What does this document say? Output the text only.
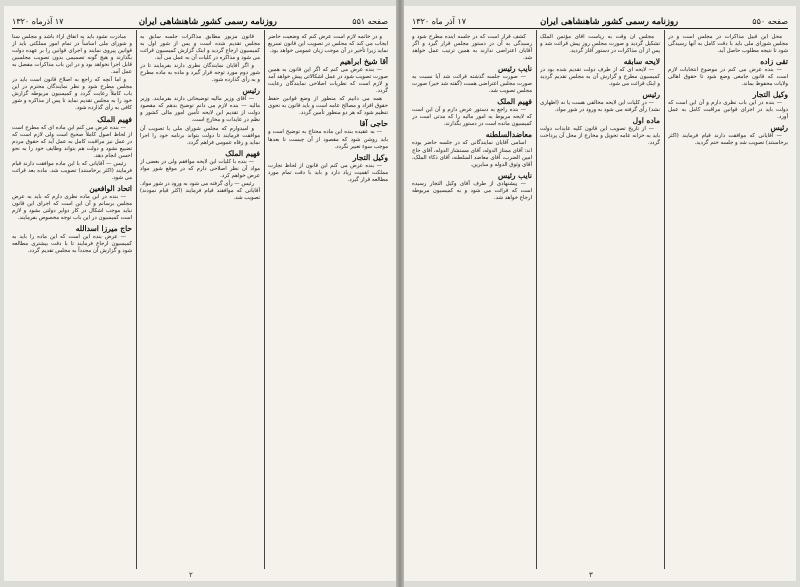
صفحه ۵۵۱
روزنامه رسمی کشور شاهنشاهی ایران
۱۷ آذرماه ۱۳۲۰

مبادرت نشود باید به اتفاق آراء باشد و مجلس سنا و شورای ملی اساساً در تمام امور مملکتی باید از قوانین پیروی نمایند و اجرای قوانین را بر عهده دولت بگذارند و هیچ گونه تصمیمی بدون تصویب مجلسین قابل اجرا نخواهد بود و در این باب مذاکرات مفصل به عمل آمد.

و اما آنچه که راجع به اصلاح قانون است باید در مجلس مطرح شود و نظر نمایندگان محترم در این باب کاملاً رعایت گردد و کمیسیون مربوطه گزارش خود را به مجلس تقدیم نماید تا پس از مذاکره و شور کافی به رأی گذارده شود.

فهیم الملک

— بنده عرض می کنم این ماده ای که مطرح است از لحاظ اصول کاملاً صحیح است ولی لازم است که در عمل نیز مراقبت کامل به عمل آید که حقوق مردم تضییع نشود و دولت هم بتواند وظایف خود را به نحو احسن انجام دهد.

رئیس — آقایانی که با این ماده موافقت دارند قیام فرمایند (اکثر برخاستند) تصویب شد. ماده بعد قرائت می شود.

اتحاد الوافعین

— بنده در این ماده نظری دارم که باید به عرض مجلس برسانم و آن این است که اجرای این قانون نباید موجب اشکال در کار دوایر دولتی بشود و لازم است کمیسیون در این باب توجه مخصوص بفرمایند.

حاج میرزا اسدالله

— عرض بنده این است که این ماده را باید به کمیسیون ارجاع فرمایند تا با دقت بیشتری مطالعه شود و گزارش آن مجدداً به مجلس تقدیم گردد.

قانون مزبور مطابق مذاکرات جلسه سابق به مجلس تقدیم شده است و پس از شور اول به کمیسیون ارجاع گردید و اینک گزارش کمیسیون قرائت می شود و مذاکره در کلیات آن به عمل می آید.

و اگر آقایان نمایندگان نظری دارند بفرمایند تا در شور دوم مورد توجه قرار گیرد و ماده به ماده مطرح و به رأی گذارده شود.

رئیس

— آقای وزیر مالیه توضیحاتی دارند بفرمایند. وزیر مالیه — بنده لازم می دانم توضیح بدهم که مقصود دولت از تقدیم این لایحه تأمین امور مالی کشور و نظم در عایدات و مخارج است.

و امیدوارم که مجلس شورای ملی با تصویب آن موافقت فرمایند تا دولت بتواند برنامه خود را اجرا نماید و رفاه عمومی فراهم گردد.

فهیم الملک

— بنده با کلیات این لایحه موافقم ولی در بعضی از مواد آن نظر اصلاحی دارم که در موقع شور مواد عرض خواهم کرد.

رئیس — رأی گرفته می شود به ورود در شور مواد. آقایانی که موافقند قیام فرمایند (اکثر قیام نمودند) تصویب شد.

و در خاتمه لازم است عرض کنم که وضعیت حاضر ایجاب می کند که مجلس در تصویب این قانون تسریع نماید زیرا تأخیر در آن موجب زیان عمومی خواهد بود.

آقا شیخ ابراهیم

— بنده عرض می کنم که اگر این قانون به همین صورت تصویب شود در عمل اشکالاتی پیش خواهد آمد و لازم است که نظریات اصلاحی نمایندگان رعایت گردد.

همه می دانیم که منظور از وضع قوانین حفظ حقوق افراد و مصالح عامه است و باید قانون به نحوی تنظیم شود که هر دو منظور تأمین گردد.

حاجی آقا

— به عقیده بنده این ماده محتاج به توضیح است و باید روشن شود که مقصود از آن چیست تا بعدها موجب سوء تعبیر نگردد.

وکیل التجار

— بنده عرض می کنم این قانون از لحاظ تجارت مملکت اهمیت زیاد دارد و باید با دقت تمام مورد مطالعه قرار گیرد.

۲
صفحه ۵۵۰
روزنامه رسمی کشور شاهنشاهی ایران
۱۷ آذر ماه ۱۳۲۰

کشف قرار است که در جلسه آینده مطرح شود و رسیدگی به آن در دستور مجلس قرار گیرد و اگر آقایان اعتراضی ندارند به همین ترتیب عمل خواهد شد.

نایب رئیس

— صورت جلسه گذشته قرائت شد آیا نسبت به صورت مجلس اعتراضی هست (گفته شد خیر) صورت مجلس تصویب شد.

فهیم الملک

— بنده راجع به دستور عرض دارم و آن این است که لایحه مربوط به امور مالیه را که مدتی است در کمیسیون مانده است در دستور بگذارند.

معاضدالسلطنه

اسامی آقایان نمایندگانی که در جلسه حاضر بوده اند: آقای ممتاز الدوله، آقای مستشار الدوله، آقای حاج امین الضرب، آقای معاضد السلطنه، آقای ذکاء الملک، آقای وثوق الدوله و سایرین.

نایب رئیس

— پیشنهادی از طرف آقای وکیل التجار رسیده است که قرائت می شود و به کمیسیون مربوطه ارجاع خواهد شد.

مجلس آن وقت به ریاست آقای مؤتمن الملک تشکیل گردید و صورت مجلس روز پیش قرائت شد و پس از آن مذاکرات در دستور آغاز گردید.

لایحه سابقه

— لایحه ای که از طرف دولت تقدیم شده بود در کمیسیون مطرح و گزارش آن به مجلس تقدیم گردید و اینک قرائت می شود.

رئیس

— در کلیات این لایحه مخالفی هست یا نه (اظهاری نشد) رأی گرفته می شود به ورود در شور مواد.

ماده اول

— از تاریخ تصویب این قانون کلیه عایدات دولت باید به خزانه عامه تحویل و مخارج از محل آن پرداخت گردد.

محل این قبیل مذاکرات در مجلس است و در مجلس شورای ملی باید با دقت کامل به آنها رسیدگی شود تا نتیجه مطلوب حاصل آید.

تقی زاده

— بنده عرض می کنم در موضوع انتخابات لازم است که قانون جامعی وضع شود تا حقوق اهالی ولایات محفوظ بماند.

وکیل التجار

— بنده در این باب نظری دارم و آن این است که دولت باید در اجرای قوانین مراقبت کامل به عمل آورد.

رئیس

— آقایانی که موافقت دارند قیام فرمایند (اکثر برخاستند) تصویب شد و جلسه ختم گردید.

۳
